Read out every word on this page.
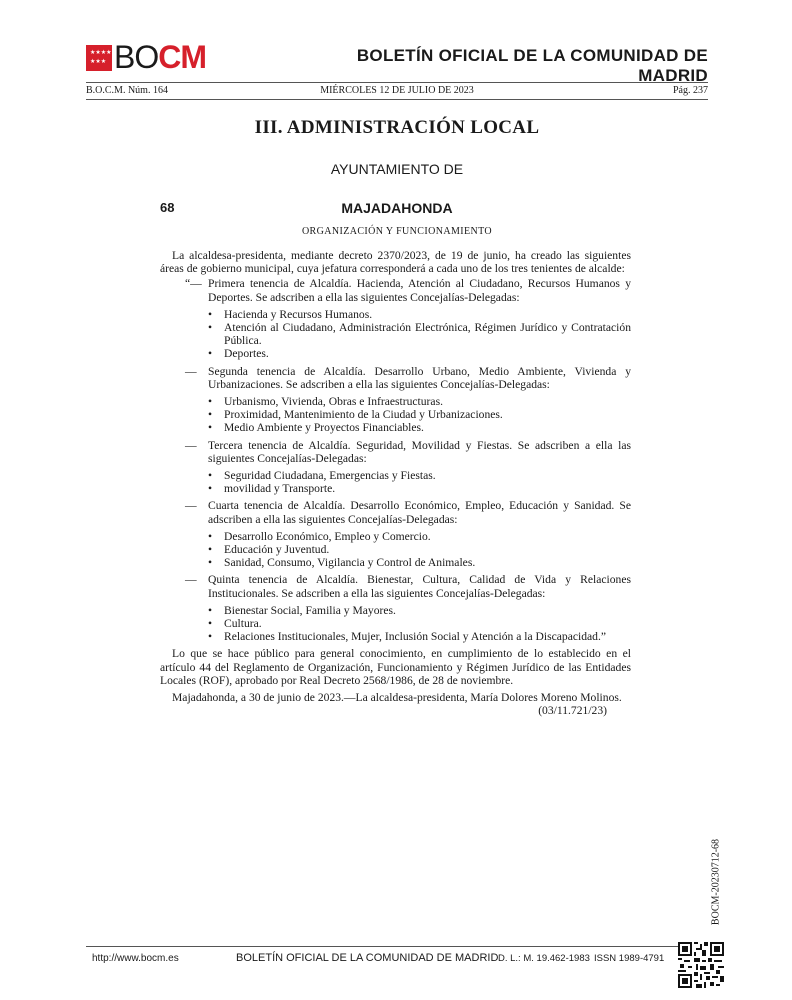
★★★★
★★★ BOCM	BOLETÍN OFICIAL DE LA COMUNIDAD DE MADRID
B.O.C.M. Núm. 164	MIÉRCOLES 12 DE JULIO DE 2023	Pág. 237
III. ADMINISTRACIÓN LOCAL
AYUNTAMIENTO DE
68	MAJADAHONDA
ORGANIZACIÓN Y FUNCIONAMIENTO

La alcaldesa-presidenta, mediante decreto 2370/2023, de 19 de junio, ha creado las siguientes áreas de gobierno municipal, cuya jefatura corresponderá a cada uno de los tres tenientes de alcalde:

“— Primera tenencia de Alcaldía. Hacienda, Atención al Ciudadano, Recursos Humanos y Deportes. Se adscriben a ella las siguientes Concejalías-Delegadas:
•	Hacienda y Recursos Humanos.
•	Atención al Ciudadano, Administración Electrónica, Régimen Jurídico y Contratación Pública.
•	Deportes.
— Segunda tenencia de Alcaldía. Desarrollo Urbano, Medio Ambiente, Vivienda y Urbanizaciones. Se adscriben a ella las siguientes Concejalías-Delegadas:
•	Urbanismo, Vivienda, Obras e Infraestructuras.
•	Proximidad, Mantenimiento de la Ciudad y Urbanizaciones.
•	Medio Ambiente y Proyectos Financiables.
— Tercera tenencia de Alcaldía. Seguridad, Movilidad y Fiestas. Se adscriben a ella las siguientes Concejalías-Delegadas:
•	Seguridad Ciudadana, Emergencias y Fiestas.
•	movilidad y Transporte.
— Cuarta tenencia de Alcaldía. Desarrollo Económico, Empleo, Educación y Sanidad. Se adscriben a ella las siguientes Concejalías-Delegadas:
•	Desarrollo Económico, Empleo y Comercio.
•	Educación y Juventud.
•	Sanidad, Consumo, Vigilancia y Control de Animales.
— Quinta tenencia de Alcaldía. Bienestar, Cultura, Calidad de Vida y Relaciones Institucionales. Se adscriben a ella las siguientes Concejalías-Delegadas:
•	Bienestar Social, Familia y Mayores.
•	Cultura.
•	Relaciones Institucionales, Mujer, Inclusión Social y Atención a la Discapacidad.”

Lo que se hace público para general conocimiento, en cumplimiento de lo establecido en el artículo 44 del Reglamento de Organización, Funcionamiento y Régimen Jurídico de las Entidades Locales (ROF), aprobado por Real Decreto 2568/1986, de 28 de noviembre.

Majadahonda, a 30 de junio de 2023.—La alcaldesa-presidenta, María Dolores Moreno Molinos.

(03/11.721/23)

BOCM-20230712-68
http://www.bocm.es	BOLETÍN OFICIAL DE LA COMUNIDAD DE MADRID D. L.: M. 19.462-1983 ISSN 1989-4791
